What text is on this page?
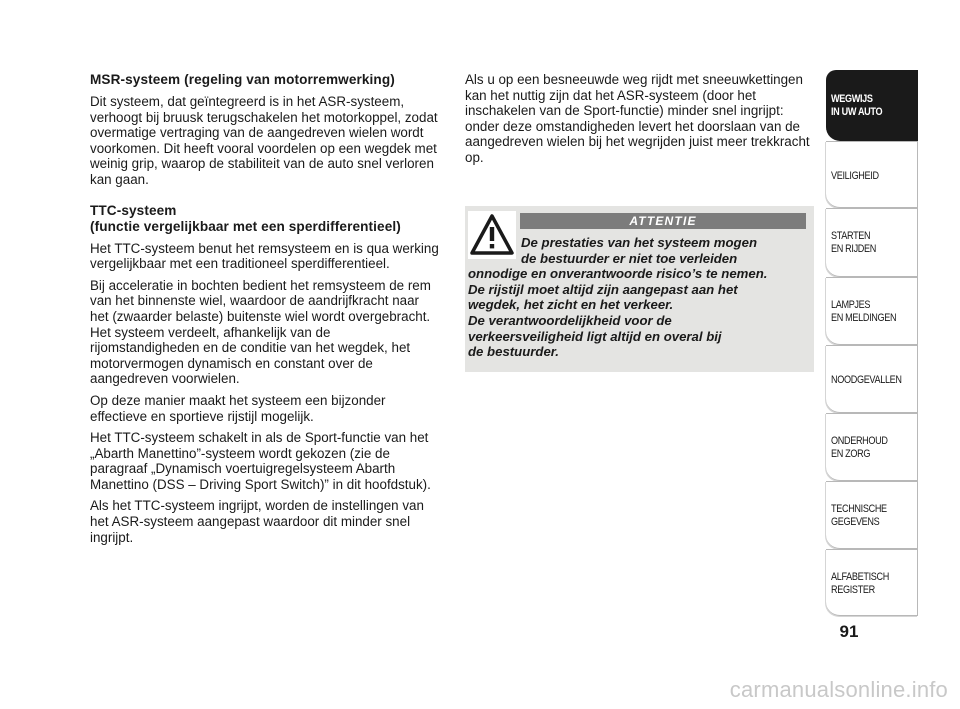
MSR-systeem (regeling van motorremwerking)

Dit systeem, dat geïntegreerd is in het ASR-systeem, verhoogt bij bruusk terugschakelen het motorkoppel, zodat overmatige vertraging van de aangedreven wielen wordt voorkomen. Dit heeft vooral voordelen op een wegdek met weinig grip, waarop de stabiliteit van de auto snel verloren kan gaan.

TTC-systeem
(functie vergelijkbaar met een sperdifferentieel)

Het TTC-systeem benut het remsysteem en is qua werking vergelijkbaar met een traditioneel sperdifferentieel.

Bij acceleratie in bochten bedient het remsysteem de rem van het binnenste wiel, waardoor de aandrijfkracht naar het (zwaarder belaste) buitenste wiel wordt overgebracht. Het systeem verdeelt, afhankelijk van de rijomstandigheden en de conditie van het wegdek, het motorvermogen dynamisch en constant over de aangedreven voorwielen.

Op deze manier maakt het systeem een bijzonder effectieve en sportieve rijstijl mogelijk.

Het TTC-systeem schakelt in als de Sport-functie van het „Abarth Manettino”-systeem wordt gekozen (zie de paragraaf „Dynamisch voertuigregelsysteem Abarth Manettino (DSS – Driving Sport Switch)” in dit hoofdstuk).

Als het TTC-systeem ingrijpt, worden de instellingen van het ASR-systeem aangepast waardoor dit minder snel ingrijpt.

Als u op een besneeuwde weg rijdt met sneeuwkettingen kan het nuttig zijn dat het ASR-systeem (door het inschakelen van de Sport-functie) minder snel ingrijpt: onder deze omstandigheden levert het doorslaan van de aangedreven wielen bij het wegrijden juist meer trekkracht op.

ATTENTIE
De prestaties van het systeem mogen
de bestuurder er niet toe verleiden
onnodige en onverantwoorde risico’s te nemen.
De rijstijl moet altijd zijn aangepast aan het
wegdek, het zicht en het verkeer.
De verantwoordelijkheid voor de
verkeersveiligheid ligt altijd en overal bij
de bestuurder.
WEGWIJS
IN UW AUTO
VEILIGHEID
STARTEN
EN RIJDEN
LAMPJES
EN MELDINGEN
NOODGEVALLEN
ONDERHOUD
EN ZORG
TECHNISCHE
GEGEVENS
ALFABETISCH
REGISTER
91
carmanualsonline.info
